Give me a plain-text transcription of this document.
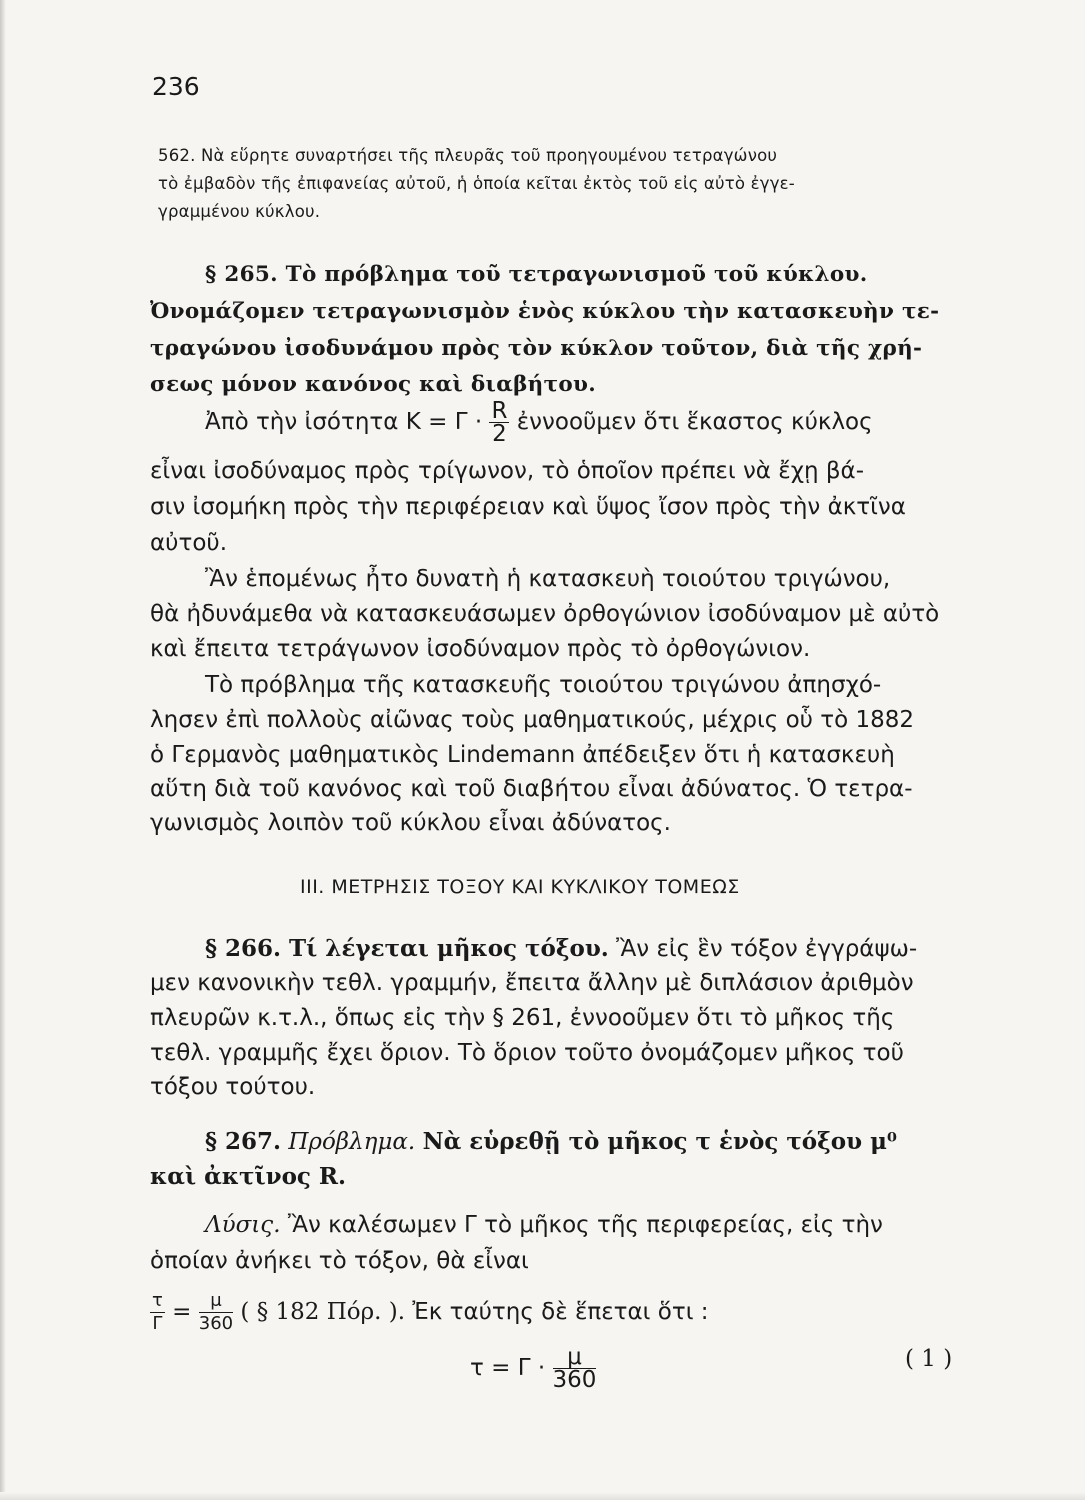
236
562. Νὰ εὕρητε συναρτήσει τῆς πλευρᾶς τοῦ προηγουμένου τετραγώνου
τὸ ἐμβαδὸν τῆς ἐπιφανείας αὐτοῦ, ἡ ὁποία κεῖται ἐκτὸς τοῦ εἰς αὐτὸ ἐγγε-
γραμμένου κύκλου.
§ 265. Τὸ πρόβλημα τοῦ τετραγωνισμοῦ τοῦ κύκλου.
Ὀνομάζομεν τετραγωνισμὸν ἑνὸς κύκλου τὴν κατασκευὴν τε-
τραγώνου ἰσοδυνάμου πρὸς τὸν κύκλον τοῦτον, διὰ τῆς χρή-
σεως μόνον κανόνος καὶ διαβήτου.
Ἀπὸ τὴν ἰσότητα $K = \Gamma \cdot \frac{R}{2}$ ἐννοοῦμεν ὅτι ἕκαστος κύκλος
εἶναι ἰσοδύναμος πρὸς τρίγωνον, τὸ ὁποῖον πρέπει νὰ ἔχῃ βά-
σιν ἰσομήκη πρὸς τὴν περιφέρειαν καὶ ὕψος ἴσον πρὸς τὴν ἀκτῖνα
αὐτοῦ.
Ἂν ἑπομένως ἦτο δυνατὴ ἡ κατασκευὴ τοιούτου τριγώνου,
θὰ ἠδυνάμεθα νὰ κατασκευάσωμεν ὀρθογώνιον ἰσοδύναμον μὲ αὐτὸ
καὶ ἔπειτα τετράγωνον ἰσοδύναμον πρὸς τὸ ὀρθογώνιον.
Τὸ πρόβλημα τῆς κατασκευῆς τοιούτου τριγώνου ἀπησχό-
λησεν ἐπὶ πολλοὺς αἰῶνας τοὺς μαθηματικούς, μέχρις οὗ τὸ 1882
ὁ Γερμανὸς μαθηματικὸς Lindemann ἀπέδειξεν ὅτι ἡ κατασκευὴ
αὕτη διὰ τοῦ κανόνος καὶ τοῦ διαβήτου εἶναι ἀδύνατος. Ὁ τετρα-
γωνισμὸς λοιπὸν τοῦ κύκλου εἶναι ἀδύνατος.
III. ΜΕΤΡΗΣΙΣ ΤΟΞΟΥ ΚΑΙ ΚΥΚΛΙΚΟΥ ΤΟΜΕΩΣ
§ 266. Τί λέγεται μῆκος τόξου. Ἂν εἰς ἓν τόξον ἐγγράψω-
μεν κανονικὴν τεθλ. γραμμήν, ἔπειτα ἄλλην μὲ διπλάσιον ἀριθμὸν
πλευρῶν κ.τ.λ., ὅπως εἰς τὴν § 261, ἐννοοῦμεν ὅτι τὸ μῆκος τῆς
τεθλ. γραμμῆς ἔχει ὅριον. Τὸ ὅριον τοῦτο ὀνομάζομεν μῆκος τοῦ
τόξου τούτου.
§ 267. Πρόβλημα. Νὰ εὑρεθῇ τὸ μῆκος τ ἑνὸς τόξου μ⁰
καὶ ἀκτῖνος R.
Λύσις. Ἂν καλέσωμεν Γ τὸ μῆκος τῆς περιφερείας, εἰς τὴν
ὁποίαν ἀνήκει τὸ τόξον, θὰ εἶναι
$\frac{\tau}{\Gamma} = \frac{\mu}{360}$ ( § 182 Πόρ. ). Ἐκ ταύτης δὲ ἕπεται ὅτι :
$\tau = \Gamma \cdot \frac{\mu}{360}$	( 1 )
